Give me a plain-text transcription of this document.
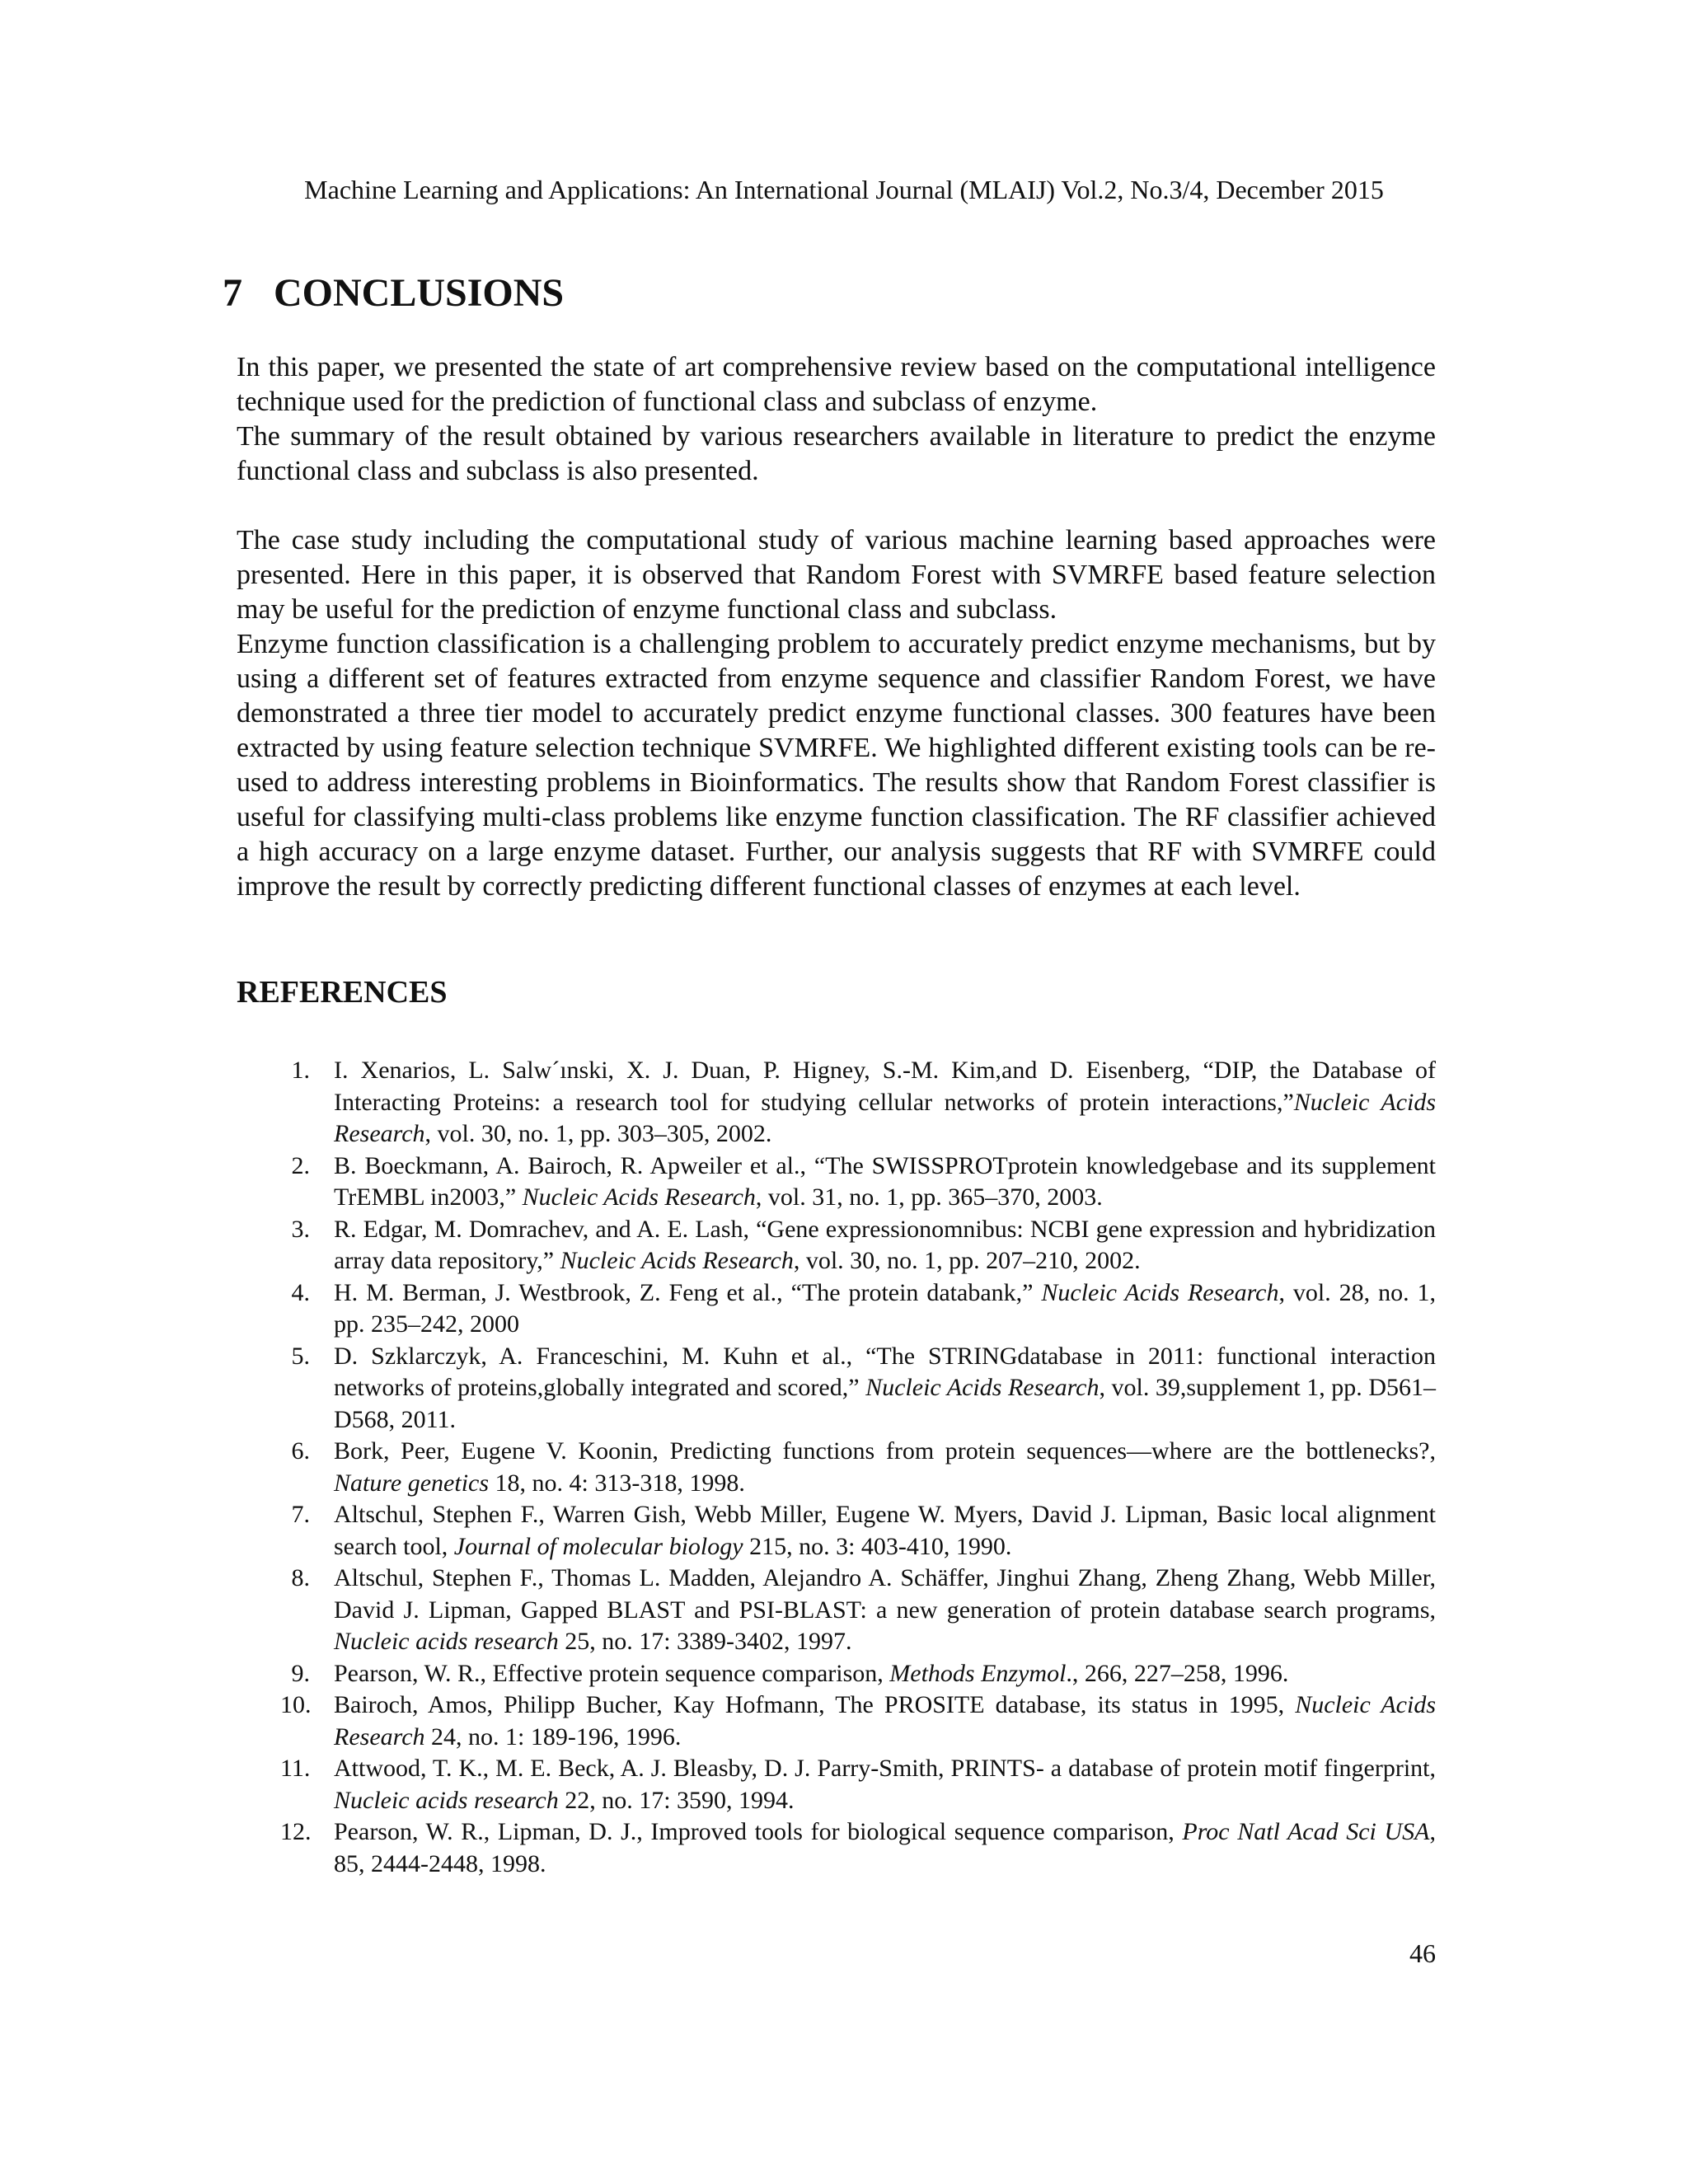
Machine Learning and Applications: An International Journal (MLAIJ) Vol.2, No.3/4, December 2015
7 CONCLUSIONS

In this paper, we presented the state of art comprehensive review based on the computational intelligence technique used for the prediction of functional class and subclass of enzyme.

The summary of the result obtained by various researchers available in literature to predict the enzyme functional class and subclass is also presented.

The case study including the computational study of various machine learning based approaches were presented. Here in this paper, it is observed that Random Forest with SVMRFE based feature selection may be useful for the prediction of enzyme functional class and subclass.

Enzyme function classification is a challenging problem to accurately predict enzyme mechanisms, but by using a different set of features extracted from enzyme sequence and classifier Random Forest, we have demonstrated a three tier model to accurately predict enzyme functional classes. 300 features have been extracted by using feature selection technique SVMRFE. We highlighted different existing tools can be re-used to address interesting problems in Bioinformatics. The results show that Random Forest classifier is useful for classifying multi-class problems like enzyme function classification. The RF classifier achieved a high accuracy on a large enzyme dataset. Further, our analysis suggests that RF with SVMRFE could improve the result by correctly predicting different functional classes of enzymes at each level.

REFERENCES
1. I. Xenarios, L. Salw´ınski, X. J. Duan, P. Higney, S.-M. Kim,and D. Eisenberg, “DIP, the Database of Interacting Proteins: a research tool for studying cellular networks of protein interactions,”Nucleic Acids Research, vol. 30, no. 1, pp. 303–305, 2002.
2. B. Boeckmann, A. Bairoch, R. Apweiler et al., “The SWISSPROTprotein knowledgebase and its supplement TrEMBL in2003,” Nucleic Acids Research, vol. 31, no. 1, pp. 365–370, 2003.
3. R. Edgar, M. Domrachev, and A. E. Lash, “Gene expressionomnibus: NCBI gene expression and hybridization array data repository,” Nucleic Acids Research, vol. 30, no. 1, pp. 207–210, 2002.
4. H. M. Berman, J. Westbrook, Z. Feng et al., “The protein databank,” Nucleic Acids Research, vol. 28, no. 1, pp. 235–242, 2000
5. D. Szklarczyk, A. Franceschini, M. Kuhn et al., “The STRINGdatabase in 2011: functional interaction networks of proteins,globally integrated and scored,” Nucleic Acids Research, vol. 39,supplement 1, pp. D561–D568, 2011.
6. Bork, Peer, Eugene V. Koonin, Predicting functions from protein sequences—where are the bottlenecks?, Nature genetics 18, no. 4: 313-318, 1998.
7. Altschul, Stephen F., Warren Gish, Webb Miller, Eugene W. Myers, David J. Lipman, Basic local alignment search tool, Journal of molecular biology 215, no. 3: 403-410, 1990.
8. Altschul, Stephen F., Thomas L. Madden, Alejandro A. Schäffer, Jinghui Zhang, Zheng Zhang, Webb Miller, David J. Lipman, Gapped BLAST and PSI-BLAST: a new generation of protein database search programs, Nucleic acids research 25, no. 17: 3389-3402, 1997.
9. Pearson, W. R., Effective protein sequence comparison, Methods Enzymol., 266, 227–258, 1996.
10. Bairoch, Amos, Philipp Bucher, Kay Hofmann, The PROSITE database, its status in 1995, Nucleic Acids Research 24, no. 1: 189-196, 1996.
11. Attwood, T. K., M. E. Beck, A. J. Bleasby, D. J. Parry-Smith, PRINTS- a database of protein motif fingerprint, Nucleic acids research 22, no. 17: 3590, 1994.
12. Pearson, W. R., Lipman, D. J., Improved tools for biological sequence comparison, Proc Natl Acad Sci USA, 85, 2444-2448, 1998.
46
